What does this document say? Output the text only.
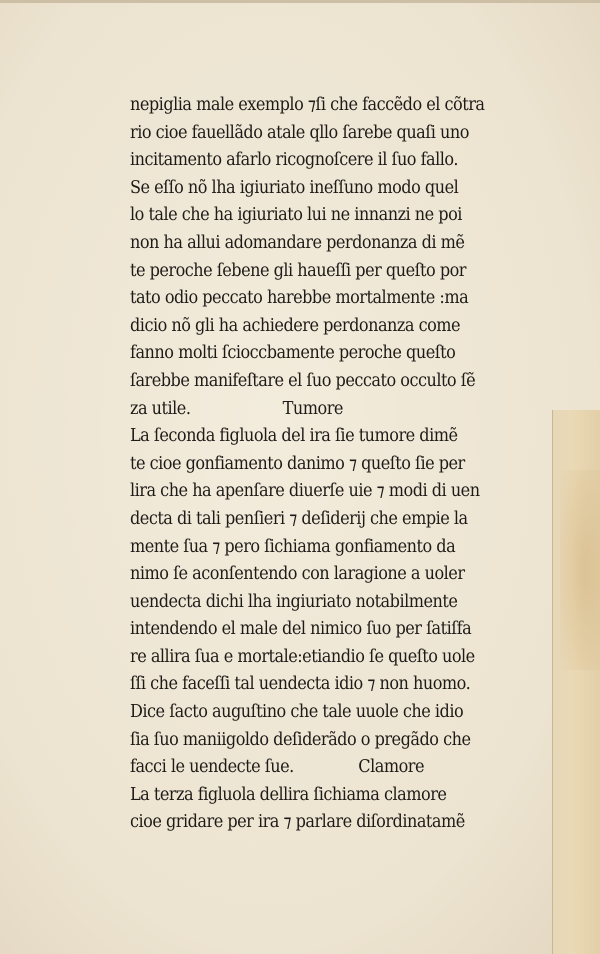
nepiglia male exemplo ⁊ſi che faccẽdo el cõtra
rio cioe fauellãdo atale qllo ſarebe quaſi uno
incitamento afarlo ricognoſcere il ſuo fallo.
Se eſſo nõ lha igiuriato ineſſuno modo quel
lo tale che ha igiuriato lui ne innanzi ne poi
non ha allui adomandare perdonanza di mẽ
te peroche ſebene gli haueſſi per queſto por
tato odio peccato harebbe mortalmente :ma
dicio nõ gli ha achiedere perdonanza come
fanno molti ſcioccbamente peroche queſto
ſarebbe manifeſtare el ſuo peccato occulto ſẽ
za utile.                    Tumore
La ſeconda figluola del ira ſie tumore dimẽ
te cioe gonfiamento danimo ⁊ queſto ſie per
lira che ha apenſare diuerſe uie ⁊ modi di uen
decta di tali penſieri ⁊ deſiderij che empie la
mente ſua ⁊ pero ſichiama gonfiamento da
nimo ſe aconſentendo con laragione a uoler
uendecta dichi lha ingiuriato notabilmente
intendendo el male del nimico ſuo per ſatiſfa
re allira ſua e mortale:etiandio ſe queſto uole
ſſi che faceſſi tal uendecta idio ⁊ non huomo.
Dice ſacto auguſtino che tale uuole che idio
ſia ſuo maniigoldo deſiderãdo o pregãdo che
facci le uendecte ſue.              Clamore
La terza figluola dellira ſichiama clamore
cioe gridare per ira ⁊ parlare diſordinatamẽ
